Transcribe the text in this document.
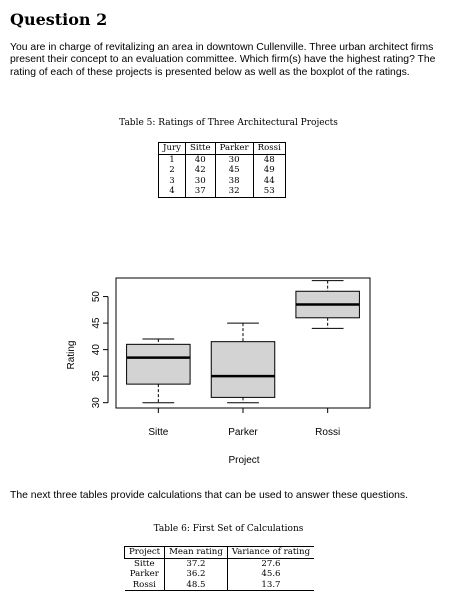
Question 2

You are in charge of revitalizing an area in downtown Cullenville. Three urban architect firms present their concept to an evaluation committee. Which firm(s) have the highest rating? The rating of each of these projects is presented below as well as the boxplot of the ratings.

Table 5: Ratings of Three Architectural Projects
Jury	Sitte	Parker	Rossi
1	40	30	48
2	42	45	49
3	30	38	44
4	37	32	53
30
35
40
45
50
Sitte	Parker	Rossi
Rating
Project

The next three tables provide calculations that can be used to answer these questions.

Table 6: First Set of Calculations
Project	Mean rating	Variance of rating
Sitte	37.2	27.6
Parker	36.2	45.6
Rossi	48.5	13.7
